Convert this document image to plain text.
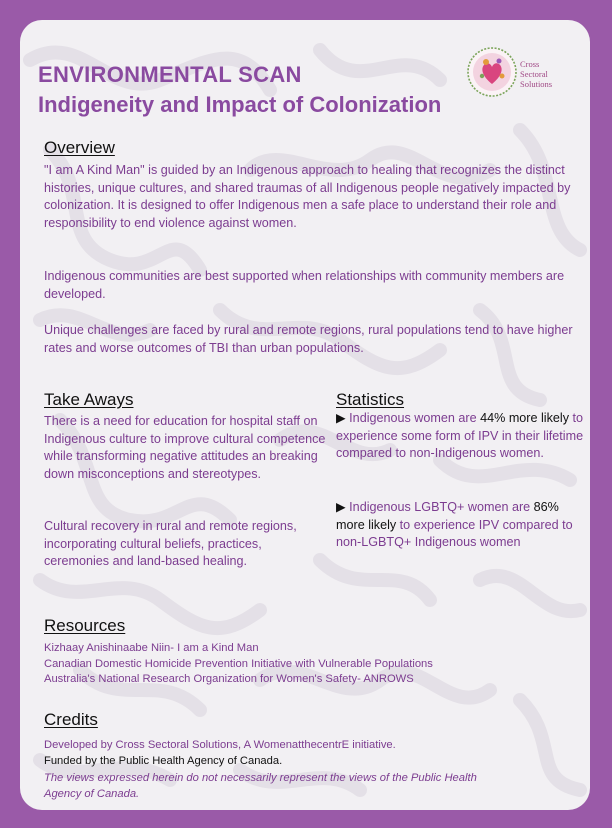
ENVIRONMENTAL SCAN
Indigeneity and Impact of Colonization
Cross
Sectoral
Solutions
Overview

"I am A Kind Man" is guided by an Indigenous approach to healing that recognizes the distinct histories, unique cultures, and shared traumas of all Indigenous people negatively impacted by colonization. It is designed to offer Indigenous men a safe place to understand their role and responsibility to end violence against women.

Indigenous communities are best supported when relationships with community members are developed.

Unique challenges are faced by rural and remote regions, rural populations tend to have higher rates and worse outcomes of TBI than urban populations.

Take Aways

There is a need for education for hospital staff on Indigenous culture to improve cultural competence while transforming negative attitudes an breaking down misconceptions and stereotypes.

Cultural recovery in rural and remote regions, incorporating cultural beliefs, practices, ceremonies and land-based healing.

Statistics

▶ Indigenous women are 44% more likely to experience some form of IPV in their lifetime compared to non-Indigenous women.

▶ Indigenous LGBTQ+ women are 86% more likely to experience IPV compared to non-LGBTQ+ Indigenous women

Resources
Kizhaay Anishinaabe Niin- I am a Kind Man
Canadian Domestic Homicide Prevention Initiative with Vulnerable Populations
Australia's National Research Organization for Women's Safety- ANROWS
Credits

Developed by Cross Sectoral Solutions, A WomenatthecentrE initiative.

Funded by the Public Health Agency of Canada.

The views expressed herein do not necessarily represent the views of the Public Health Agency of Canada.
